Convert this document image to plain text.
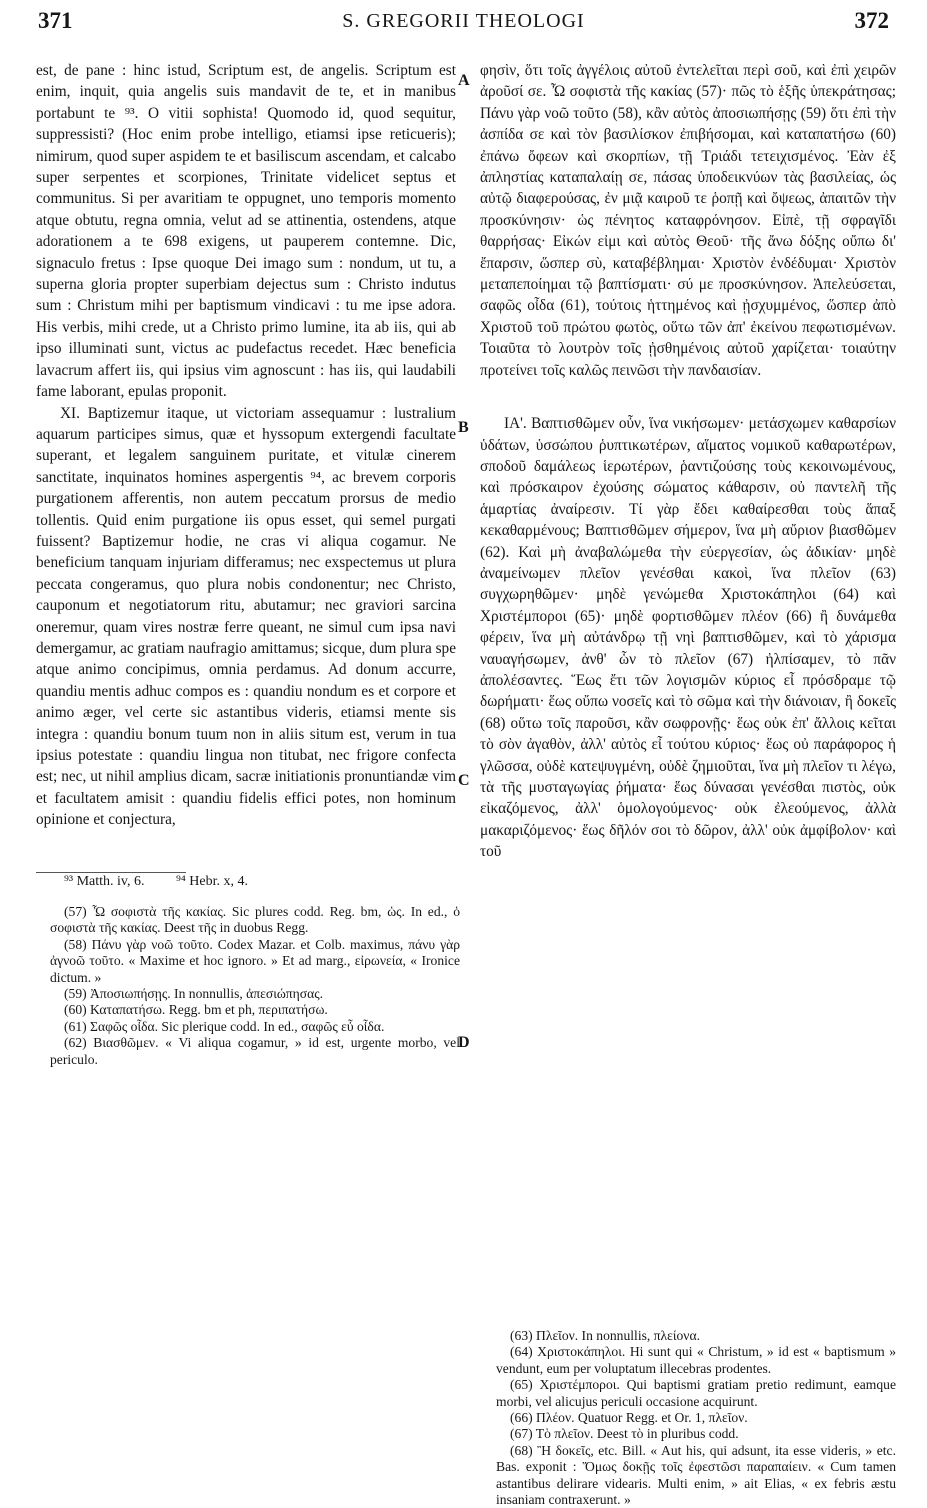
371	S. GREGORII THEOLOGI	372

est, de pane : hinc istud, Scriptum est, de angelis. Scriptum est enim, inquit, quia angelis suis mandavit de te, et in manibus portabunt te ⁹³. O vitii sophista! Quomodo id, quod sequitur, suppressisti? (Hoc enim probe intelligo, etiamsi ipse reticueris); nimirum, quod super aspidem te et basiliscum ascendam, et calcabo super serpentes et scorpiones, Trinitate videlicet septus et communitus. Si per avaritiam te oppugnet, uno temporis momento atque obtutu, regna omnia, velut ad se attinentia, ostendens, atque adorationem a te 698 exigens, ut pauperem contemne. Dic, signaculo fretus : Ipse quoque Dei imago sum : nondum, ut tu, a superna gloria propter superbiam dejectus sum : Christo indutus sum : Christum mihi per baptismum vindicavi : tu me ipse adora. His verbis, mihi crede, ut a Christo primo lumine, ita ab iis, qui ab ipso illuminati sunt, victus ac pudefactus recedet. Hæc beneficia lavacrum affert iis, qui ipsius vim agnoscunt : has iis, qui laudabili fame laborant, epulas proponit.

XI. Baptizemur itaque, ut victoriam assequamur : lustralium aquarum participes simus, quæ et hyssopum extergendi facultate superant, et legalem sanguinem puritate, et vitulæ cinerem sanctitate, inquinatos homines aspergentis ⁹⁴, ac brevem corporis purgationem afferentis, non autem peccatum prorsus de medio tollentis. Quid enim purgatione iis opus esset, qui semel purgati fuissent? Baptizemur hodie, ne cras vi aliqua cogamur. Ne beneficium tanquam injuriam differamus; nec exspectemus ut plura peccata congeramus, quo plura nobis condonentur; nec Christo, cauponum et negotiatorum ritu, abutamur; nec graviori sarcina oneremur, quam vires nostræ ferre queant, ne simul cum ipsa navi demergamur, ac gratiam naufragio amittamus; sicque, dum plura spe atque animo concipimus, omnia perdamus. Ad donum accurre, quandiu mentis adhuc compos es : quandiu nondum es et corpore et animo æger, vel certe sic astantibus videris, etiamsi mente sis integra : quandiu bonum tuum non in aliis situm est, verum in tua ipsius potestate : quandiu lingua non titubat, nec frigore confecta est; nec, ut nihil amplius dicam, sacræ initiationis pronuntiandæ vim et facultatem amisit : quandiu fidelis effici potes, non hominum opinione et conjectura,

φησὶν, ὅτι τοῖς ἀγγέλοις αὐτοῦ ἐντελεῖται περὶ σοῦ, καὶ ἐπὶ χειρῶν ἀροῦσί σε. Ὦ σοφιστὰ τῆς κακίας (57)· πῶς τὸ ἑξῆς ὑπεκράτησας; Πάνυ γὰρ νοῶ τοῦτο (58), κἂν αὐτὸς ἀποσιωπήσῃς (59) ὅτι ἐπὶ τὴν ἀσπίδα σε καὶ τὸν βασιλίσκον ἐπιβήσομαι, καὶ καταπατήσω (60) ἐπάνω ὄφεων καὶ σκορπίων, τῇ Τριάδι τετειχισμένος. Ἐὰν ἐξ ἀπληστίας καταπαλαίῃ σε, πάσας ὑποδεικνύων τὰς βασιλείας, ὡς αὐτῷ διαφερούσας, ἐν μιᾷ καιροῦ τε ῥοπῇ καὶ ὄψεως, ἀπαιτῶν τὴν προσκύνησιν· ὡς πένητος καταφρόνησον. Εἰπὲ, τῇ σφραγῖδι θαρρήσας· Εἰκών εἰμι καὶ αὐτὸς Θεοῦ· τῆς ἄνω δόξης οὔπω δι' ἔπαρσιν, ὥσπερ σὺ, καταβέβλημαι· Χριστὸν ἐνδέδυμαι· Χριστὸν μεταπεποίημαι τῷ βαπτίσματι· σύ με προσκύνησον. Ἀπελεύσεται, σαφῶς οἶδα (61), τούτοις ἡττημένος καὶ ᾐσχυμμένος, ὥσπερ ἀπὸ Χριστοῦ τοῦ πρώτου φωτὸς, οὕτω τῶν ἀπ' ἐκείνου πεφωτισμένων. Τοιαῦτα τὸ λουτρὸν τοῖς ᾐσθημένοις αὐτοῦ χαρίζεται· τοιαύτην προτείνει τοῖς καλῶς πεινῶσι τὴν πανδαισίαν.

ΙΑ'. Βαπτισθῶμεν οὖν, ἵνα νικήσωμεν· μετάσχωμεν καθαρσίων ὑδάτων, ὑσσώπου ῥυπτικωτέρων, αἵματος νομικοῦ καθαρωτέρων, σποδοῦ δαμάλεως ἱερωτέρων, ῥαντιζούσης τοὺς κεκοινωμένους, καὶ πρόσκαιρον ἐχούσης σώματος κάθαρσιν, οὐ παντελῆ τῆς ἁμαρτίας ἀναίρεσιν. Τί γὰρ ἔδει καθαίρεσθαι τοὺς ἅπαξ κεκαθαρμένους; Βαπτισθῶμεν σήμερον, ἵνα μὴ αὔριον βιασθῶμεν (62). Καὶ μὴ ἀναβαλώμεθα τὴν εὐεργεσίαν, ὡς ἀδικίαν· μηδὲ ἀναμείνωμεν πλεῖον γενέσθαι κακοὶ, ἵνα πλεῖον (63) συγχωρηθῶμεν· μηδὲ γενώμεθα Χριστοκάπηλοι (64) καὶ Χριστέμποροι (65)· μηδὲ φορτισθῶμεν πλέον (66) ἢ δυνάμεθα φέρειν, ἵνα μὴ αὐτάνδρῳ τῇ νηὶ βαπτισθῶμεν, καὶ τὸ χάρισμα ναυαγήσωμεν, ἀνθ' ὧν τὸ πλεῖον (67) ἠλπίσαμεν, τὸ πᾶν ἀπολέσαντες. Ἕως ἔτι τῶν λογισμῶν κύριος εἶ πρόσδραμε τῷ δωρήματι· ἕως οὔπω νοσεῖς καὶ τὸ σῶμα καὶ τὴν διάνοιαν, ἢ δοκεῖς (68) οὕτω τοῖς παροῦσι, κἂν σωφρονῇς· ἕως οὐκ ἐπ' ἄλλοις κεῖται τὸ σὸν ἀγαθὸν, ἀλλ' αὐτὸς εἶ τούτου κύριος· ἕως οὐ παράφορος ἡ γλῶσσα, οὐδὲ κατεψυγμένη, οὐδὲ ζημιοῦται, ἵνα μὴ πλεῖον τι λέγω, τὰ τῆς μυσταγωγίας ῥήματα· ἕως δύνασαι γενέσθαι πιστὸς, οὐκ εἰκαζόμενος, ἀλλ' ὁμολογούμενος· οὐκ ἐλεούμενος, ἀλλὰ μακαριζόμενος· ἕως δῆλόν σοι τὸ δῶρον, ἀλλ' οὐκ ἀμφίβολον· καὶ τοῦ

A
B
C
D
⁹³ Matth. iv, 6. ⁹⁴ Hebr. x, 4.

(57) Ὦ σοφιστὰ τῆς κακίας. Sic plures codd. Reg. bm, ὡς. In ed., ὁ σοφιστὰ τῆς κακίας. Deest τῆς in duobus Regg.

(58) Πάνυ γὰρ νοῶ τοῦτο. Codex Mazar. et Colb. maximus, πάνυ γὰρ ἀγνοῶ τοῦτο. « Maxime et hoc ignoro. » Et ad marg., εἰρωνεία, « Ironice dictum. »

(59) Ἀποσιωπήσῃς. In nonnullis, ἀπεσιώπησας.

(60) Καταπατήσω. Regg. bm et ph, περιπατήσω.

(61) Σαφῶς οἶδα. Sic plerique codd. In ed., σαφῶς εὖ οἶδα.

(62) Βιασθῶμεν. « Vi aliqua cogamur, » id est, urgente morbo, vel periculo.

(63) Πλεῖον. In nonnullis, πλείονα.

(64) Χριστοκάπηλοι. Hi sunt qui « Christum, » id est « baptismum » vendunt, eum per voluptatum illecebras prodentes.

(65) Χριστέμποροι. Qui baptismi gratiam pretio redimunt, eamque morbi, vel alicujus periculi occasione acquirunt.

(66) Πλέον. Quatuor Regg. et Or. 1, πλεῖον.

(67) Τὸ πλεῖον. Deest τὸ in pluribus codd.

(68) Ἢ δοκεῖς, etc. Bill. « Aut his, qui adsunt, ita esse videris, » etc. Bas. exponit : Ὅμως δοκῇς τοῖς ἐφεστῶσι παραπαίειν. « Cum tamen astantibus delirare videaris. Multi enim, » ait Elias, « ex febris æstu insaniam contraxerunt. »
